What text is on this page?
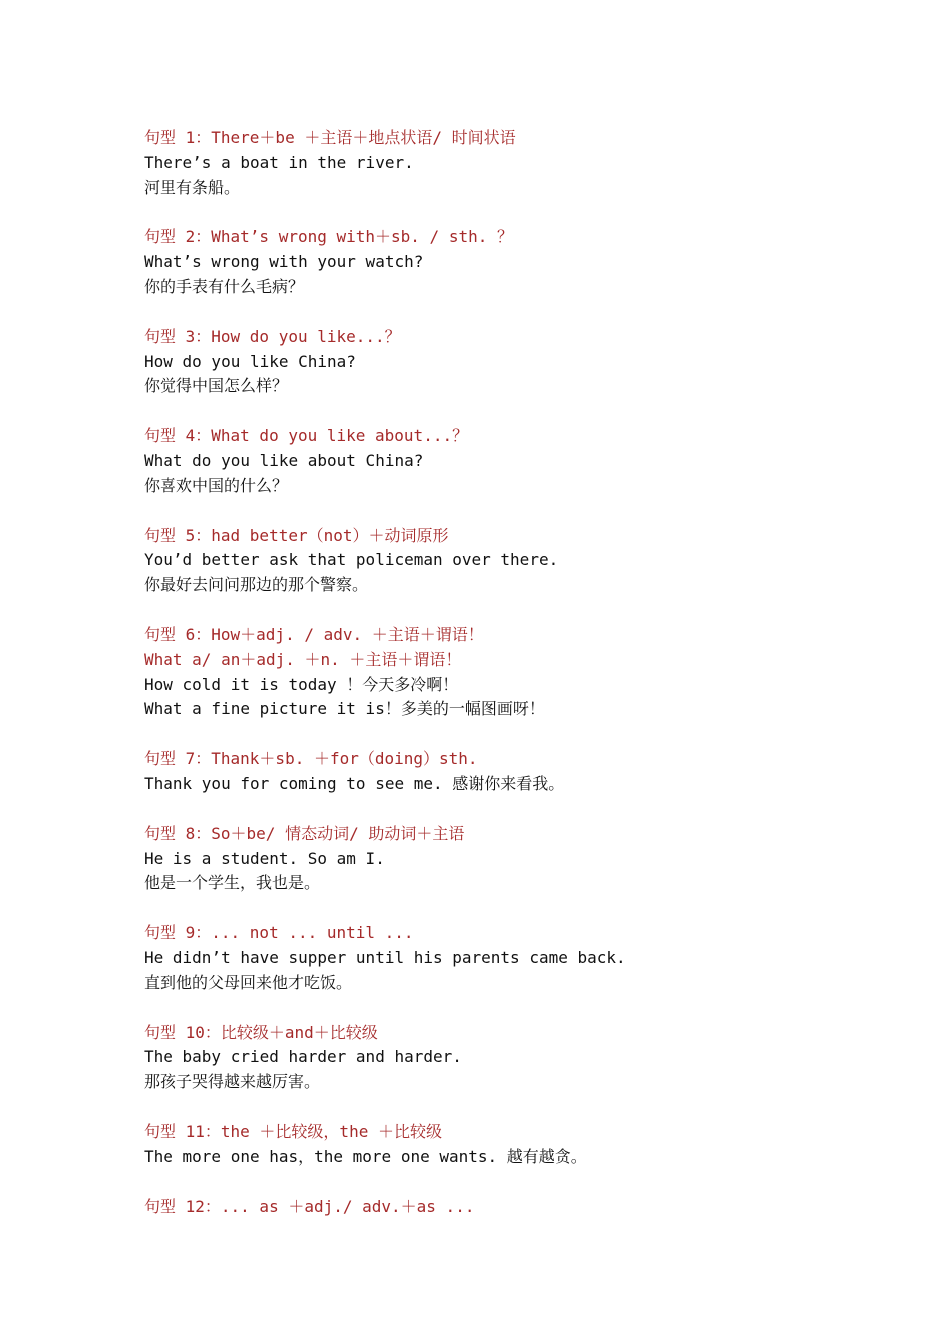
句型 1：There＋be ＋主语＋地点状语/ 时间状语
There’s a boat in the river.
河里有条船。
句型 2：What’s wrong with＋sb. / sth. ？
What’s wrong with your watch?
你的手表有什么毛病？
句型 3：How do you like...？
How do you like China?
你觉得中国怎么样？
句型 4：What do you like about...？
What do you like about China?
你喜欢中国的什么？
句型 5：had better（not）＋动词原形
You’d better ask that policeman over there.
你最好去问问那边的那个警察。
句型 6：How＋adj. / adv. ＋主语＋谓语！
What a/ an＋adj. ＋n. ＋主语＋谓语！
How cold it is today ！今天多冷啊！
What a fine picture it is！多美的一幅图画呀！
句型 7：Thank＋sb. ＋for（doing）sth.
Thank you for coming to see me. 感谢你来看我。
句型 8：So＋be/ 情态动词/ 助动词＋主语
He is a student. So am I.
他是一个学生，我也是。
句型 9：... not ... until ...
He didn’t have supper until his parents came back.
直到他的父母回来他才吃饭。
句型 10：比较级＋and＋比较级
The baby cried harder and harder.
那孩子哭得越来越厉害。
句型 11：the ＋比较级，the ＋比较级
The more one has，the more one wants. 越有越贪。
句型 12：... as ＋adj./ adv.＋as ...
